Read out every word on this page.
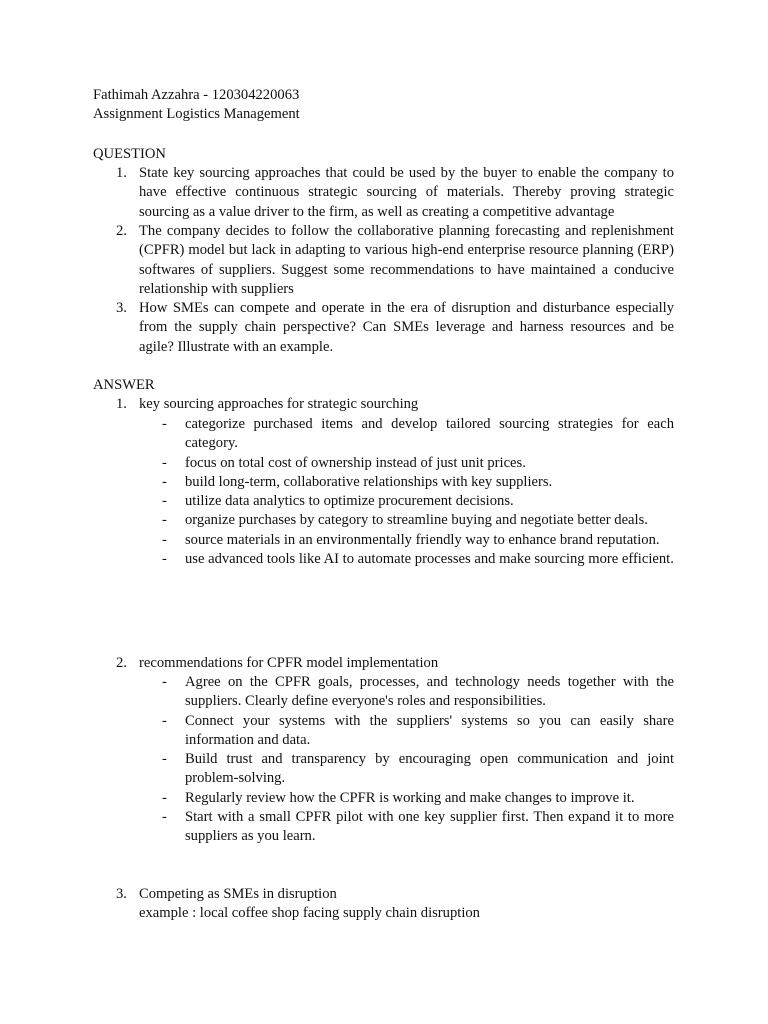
Fathimah Azzahra - 120304220063
Assignment Logistics Management
QUESTION
1. State key sourcing approaches that could be used by the buyer to enable the company to have effective continuous strategic sourcing of materials. Thereby proving strategic sourcing as a value driver to the firm, as well as creating a competitive advantage
2. The company decides to follow the collaborative planning forecasting and replenishment (CPFR) model but lack in adapting to various high-end enterprise resource planning (ERP) softwares of suppliers. Suggest some recommendations to have maintained a conducive relationship with suppliers
3. How SMEs can compete and operate in the era of disruption and disturbance especially from the supply chain perspective? Can SMEs leverage and harness resources and be agile? Illustrate with an example.
ANSWER
1. key sourcing approaches for strategic sourching
- categorize purchased items and develop tailored sourcing strategies for each category.
- focus on total cost of ownership instead of just unit prices.
- build long-term, collaborative relationships with key suppliers.
- utilize data analytics to optimize procurement decisions.
- organize purchases by category to streamline buying and negotiate better deals.
- source materials in an environmentally friendly way to enhance brand reputation.
- use advanced tools like AI to automate processes and make sourcing more efficient.
2. recommendations for CPFR model implementation
- Agree on the CPFR goals, processes, and technology needs together with the suppliers. Clearly define everyone's roles and responsibilities.
- Connect your systems with the suppliers' systems so you can easily share information and data.
- Build trust and transparency by encouraging open communication and joint problem-solving.
- Regularly review how the CPFR is working and make changes to improve it.
- Start with a small CPFR pilot with one key supplier first. Then expand it to more suppliers as you learn.
3. Competing as SMEs in disruption
example : local coffee shop facing supply chain disruption
